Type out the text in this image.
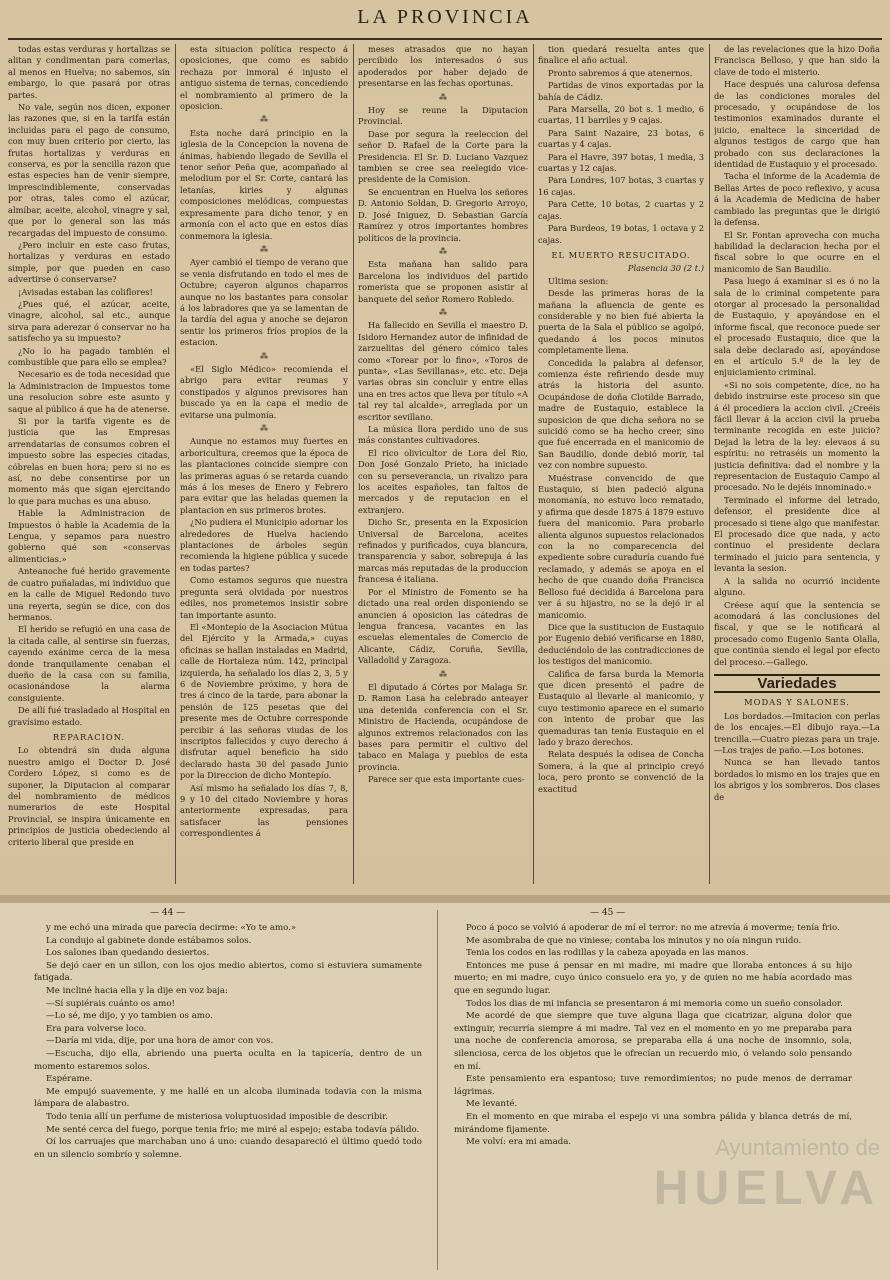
LA PROVINCIA

todas estas verduras y hortalizas se alitan y condimentan para comerlas, al menos en Huelva; no sabemos, sin embargo, lo que pasará por otras partes.

No vale, según nos dicen, exponer las razones que, si en la tarifa están incluidas para el pago de consumo, con muy buen criterio por cierto, las frutas hortalizas y verduras en conserva, es por la sencilla razon que estas especies han de venir siempre, imprescindiblemente, conservadas por otras, tales como el azúcar, almíbar, aceite, alcohol, vinagre y sal, que por lo general son las más recargadas del impuesto de consumo.

¿Pero incluir en este caso frutas, hortalizas y verduras en estado simple, por que pueden en caso advertirse ó conservarse?

¡Avisadas estaban las coliflores!

¿Pues qué, el azúcar, aceite, vinagre, alcohol, sal etc., aunque sirva para aderezar ó conservar no ha satisfecho ya su impuesto?

¿No lo ha pagado también el combustible que para ello se emplea?

Necesario es de toda necesidad que la Administracion de Impuestos tome una resolucion sobre este asunto y saque al público á que ha de atenerse.

Si por la tarifa vigente es de justicia que las Empresas arrendatarias de consumos cobren el impuesto sobre las especies citadas, cóbrelas en buen hora; pero si no es así, no debe consentirse por un momento más que sigan ejercitando lo que para muchas es una abuso.

Hable la Administracion de Impuestos ó hable la Academia de la Lengua, y sepamos para nuestro gobierno qué son «conservas alimenticias.»

Anteanoche fué herido gravemente de cuatro puñaladas, mi individuo que en la calle de Miguel Redondo tuvo una reyerta, según se dice, con dos hermanos.

El herido se refugió en una casa de la citada calle, al sentirse sin fuerzas, cayendo exánime cerca de la mesa donde tranquilamente cenaban el dueño de la casa con su familia, ocasionándose la alarma consiguiente.

De allí fué trasladado al Hospital en gravísimo estado.

REPARACION.

Lo obtendrá sin duda alguna nuestro amigo el Doctor D. José Cordero López, si como es de suponer, la Diputacion al comparar del nombramiento de médicos numerarios de este Hospital Provincial, se inspira únicamente en principios de justicia obedeciendo al criterio liberal que preside en

esta situacion política respecto á oposiciones, que como es sabido rechaza por inmoral é injusto el antiguo sistema de ternas, concediendo el nombramiento al primero de la oposicion.

⁂

Esta noche dará principio en la iglesia de la Concepcion la novena de ánimas, habiendo llegado de Sevilla el tenor señor Peña que, acompañado al melodium por el Sr. Corte, cantará las letanías, kiries y algunas composiciones melódicas, compuestas expresamente para dicho tenor, y en armonía con el acto que en estos días conmemora la iglesia.

⁂

Ayer cambió el tiempo de verano que se venia disfrutando en todo el mes de Octubre; cayeron algunos chaparros aunque no los bastantes para consolar á los labradores que ya se lamentan de la tardía del agua y anoche se dejaron sentir los primeros fríos propios de la estacion.

⁂

«El Siglo Médico» recomienda el abrigo para evitar reumas y constipados y algunos previsores han buscado ya en la capa el medio de evitarse una pulmonía.

⁂

Aunque no estamos muy fuertes en arboricultura, creemos que la época de las plantaciones coincide siempre con las primeras aguas ó se retarda cuando más á los meses de Enero y Febrero para evitar que las heladas quemen la plantacion en sus primeros brotes.

¿No pudiera el Municipio adornar los alrededores de Huelva haciendo plantaciones de árboles según recomienda la higiene pública y sucede en todas partes?

Como estamos seguros que nuestra pregunta será olvidada por nuestros ediles, nos prometemos insistir sobre tan importante asunto.

El «Montepío de la Asociacion Mútua del Ejército y la Armada,» cuyas oficinas se hallan instaladas en Madrid, calle de Hortaleza núm. 142, principal izquierda, ha señalado los días 2, 3, 5 y 6 de Noviembre próximo, y hora de tres á cinco de la tarde, para abonar la pensión de 125 pesetas que del presente mes de Octubre corresponde percibir á las señoras viudas de los inscriptos fallecidos y cuyo derecho á disfrutar aquel beneficio ha sido declarado hasta 30 del pasado Junio por la Direccion de dicho Montepío.

Así mismo ha señalado los días 7, 8, 9 y 10 del citado Noviembre y horas anteriormente expresadas, para satisfacer las pensiones correspondientes á

meses atrasados que no hayan percibido los interesados ó sus apoderados por haber dejado de presentarse en las fechas oportunas.

⁂

Hoy se reune la Diputacion Provincial.

Dase por segura la reeleccion del señor D. Rafael de la Corte para la Presidencia. El Sr. D. Luciano Vazquez tambien se cree sea reelegido vice-presidente de la Comision.

Se encuentran en Huelva los señores D. Antonio Soldan, D. Gregorio Arroyo, D. José Iniguez, D. Sebastian García Ramírez y otros importantes hombres políticos de la provincia.

⁂

Esta mañana han salido para Barcelona los individuos del partido romerista que se proponen asistir al banquete del señor Romero Robledo.

⁂

Ha fallecido en Sevilla el maestro D. Isidoro Hernandez autor de infinidad de zarzuelitas del género cómico tales como «Torear por lo fino», «Toros de punta», «Las Sevillanas», etc. etc. Deja varias obras sin concluir y entre ellas una en tres actos que lleva por título «A tal rey tal alcalde», arreglada por un escritor sevillano.

La música llora perdido uno de sus más constantes cultivadores.

El rico olivicultor de Lora del Rio, Don José Gonzalo Prieto, ha iniciado con su perseverancia, un rivalizo para los aceites españoles, tan faltos de mercados y de reputacion en el extranjero.

Dicho Sr., presenta en la Exposicion Universal de Barcelona, aceites refinados y purificados, cuya blancura, transparencia y sabor, sobrepuja á las marcas más reputadas de la produccion francesa é italiana.

Por el Ministro de Fomento se ha dictado una real orden disponiendo se anuncien á oposicion las cátedras de lengua francesa, vacantes en las escuelas elementales de Comercio de Alicante, Cádiz, Coruña, Sevilla, Valladolid y Zaragoza.

⁂

El diputado á Córtes por Malaga Sr. D. Ramon Lasa ha celebrado anteayer una detenida conferencia con el Sr. Ministro de Hacienda, ocupándose de algunos extremos relacionados con las bases para permitir el cultivo del tabaco en Malaga y pueblos de esta provincia.

Parece ser que esta importante cues-

tion quedará resuelta antes que finalice el año actual.

Pronto sabremos á que atenernos.

Partidas de vinos exportadas por la bahía de Cádiz.

Para Marsella, 20 bot s. 1 medio, 6 cuartas, 11 barriles y 9 cajas.

Para Saint Nazaire, 23 botas, 6 cuartas y 4 cajas.

Para el Havre, 397 botas, 1 media, 3 cuartas y 12 cajas.

Para Londres, 107 botas, 3 cuartas y 16 cajas.

Para Cette, 10 botas, 2 cuartas y 2 cajas.

Para Burdeos, 19 botas, 1 octava y 2 cajas.

EL MUERTO RESUCITADO.

Plasencia 30 (2 t.)

Ultima sesion:

Desde las primeras horas de la mañana la afluencia de gente es considerable y no bien fué abierta la puerta de la Sala el público se agolpó, quedando á los pocos minutos completamente llena.

Concedida la palabra al defensor, comienza éste refiriendo desde muy atrás la historia del asunto. Ocupándose de doña Clotilde Barrado, madre de Eustaquio, establece la suposicion de que dicha señora no se suicidó como se ha hecho creer, sino que fué encerrada en el manicomio de San Baudilio, donde debió morir, tal vez con nombre supuesto.

Muéstrase convencido de que Eustaquio, si bien padeció alguna monomanía, no estuvo loco rematado, y afirma que desde 1875 á 1879 estuvo fuera del manicomio. Para probarlo alienta algunos supuestos relacionados con la no comparecencia del expediente sobre curaduría cuando fué reclamado, y además se apoya en el hecho de que cuando doña Francisca Belloso fué decidida á Barcelona para ver á su hijastro, no se la dejó ir al manicomio.

Dice que la sustitucion de Eustaquio por Eugenio debió verificarse en 1880, deduciéndolo de las contradicciones de los testigos del manicomio.

Califica de farsa burda la Memoria que dicen presentó el padre de Eustaquio al llevarle al manicomio, y cuyo testimonio aparece en el sumario con intento de probar que las quemaduras tan tenia Eustaquio en el lado y brazo derechos.

Relata después la odisea de Concha Somera, á la que al principio creyó loca, pero pronto se convenció de la exactitud

de las revelaciones que la hizo Doña Francisca Belloso, y que han sido la clave de todo el misterio.

Hace después una calurosa defensa de las condiciones morales del procesado, y ocupándose de los testimonios examinados durante el juicio, enaltece la sinceridad de algunos testigos de cargo que han probado con sus declaraciones la identidad de Eustaquio y el procesado.

Tacha el informe de la Academia de Bellas Artes de poco reflexivo, y acusa á la Academia de Medicina de haber cambiado las preguntas que le dirigió la defensa.

El Sr. Fontan aprovecha con mucha habilidad la declaracion hecha por el fiscal sobre lo que ocurre en el manicomio de San Baudilio.

Pasa luego á examinar si es ó no la sala de lo criminal competente para otorgar al procesado la personalidad de Eustaquio, y apoyándose en el informe fiscal, que reconoce puede ser el procesado Eustaquio, dice que la sala debe declarado así, apoyándose en el artículo 5.º de la ley de enjuiciamiento criminal.

«Si no sois competente, dice, no ha debido instruirse este proceso sin que á él procediera la accion civil. ¿Creéis fácil llevar á la accion civil la prueba terminante recogida en este juicio? Dejad la letra de la ley: elevaos á su espíritu: no retraséis un momento la justicia definitiva: dad el nombre y la representacion de Eustaquio Campo al procesado. No le dejéis innominado.»

Terminado el informe del letrado, defensor, el presidente dice al procesado si tiene algo que manifestar. El procesado dice que nada, y acto continuo el presidente declara terminado el juicio para sentencia, y levanta la sesion.

A la salida no ocurrió incidente alguno.

Créese aquí que la sentencia se acomodará á las conclusiones del fiscal, y que se le notificará al procesado como Eugenio Santa Olalla, que continúa siendo el legal por efecto del proceso.—Gallego.

Variedades

MODAS Y SALONES.

Los bordados.—Imitacion con perlas de los encajes.—El dibujo raya.—La trencilla.—Cuatro piezas para un traje.—Los trajes de paño.—Los botones.

Nunca se han llevado tantos bordados lo mismo en los trajes que en los abrigos y los sombreros. Dos clases de

— 44 —	— 45 —

y me echó una mirada que parecía decirme: «Yo te amo.»

La condujo al gabinete donde estábamos solos.

Los salones iban quedando desiertos.

Se dejó caer en un sillon, con los ojos medio abiertos, como si estuviera sumamente fatigada.

Me incliné hacia ella y la dije en voz baja:

—Sí supiérais cuánto os amo!

—Lo sé, me dijo, y yo tambien os amo.

Era para volverse loco.

—Daría mi vida, dije, por una hora de amor con vos.

—Escucha, dijo ella, abriendo una puerta oculta en la tapicería, dentro de un momento estaremos solos.

Espérame.

Me empujó suavemente, y me hallé en un alcoba iluminada todavia con la misma lámpara de alabastro.

Todo tenia allí un perfume de misteriosa voluptuosidad imposible de describir.

Me senté cerca del fuego, porque tenia frio; me miré al espejo; estaba todavía pálido.

Oí los carruajes que marchaban uno á uno: cuando desapareció el último quedó todo en un silencio sombrío y solemne.

Poco á poco se volvió á apoderar de mí el terror: no me atrevía á moverme; tenía frio.

Me asombraba de que no viniese; contaba los minutos y no oía ningun ruido.

Tenia los codos en las rodillas y la cabeza apoyada en las manos.

Entonces me puse á pensar en mi madre, mi madre que lloraba entonces á su hijo muerto; en mi madre, cuyo único consuelo era yo, y de quien no me había acordado mas que en segundo lugar.

Todos los dias de mi infancia se presentaron á mi memoria como un sueño consolador.

Me acordé de que siempre que tuve alguna llaga que cicatrizar, alguna dolor que extinguir, recurría siempre á mi madre. Tal vez en el momento en yo me preparaba para una noche de conferencia amorosa, se preparaba ella á una noche de insomnio, sola, silenciosa, cerca de los objetos que le ofrecían un recuerdo mio, ó velando solo pensando en mí.

Este pensamiento era espantoso; tuve remordimientos; no pude menos de derramar lágrimas.

Me levanté.

En el momento en que miraba el espejo vi una sombra pálida y blanca detrás de mí, mirándome fijamente.

Me volví: era mi amada.	Ayuntamiento de
HUELVA
